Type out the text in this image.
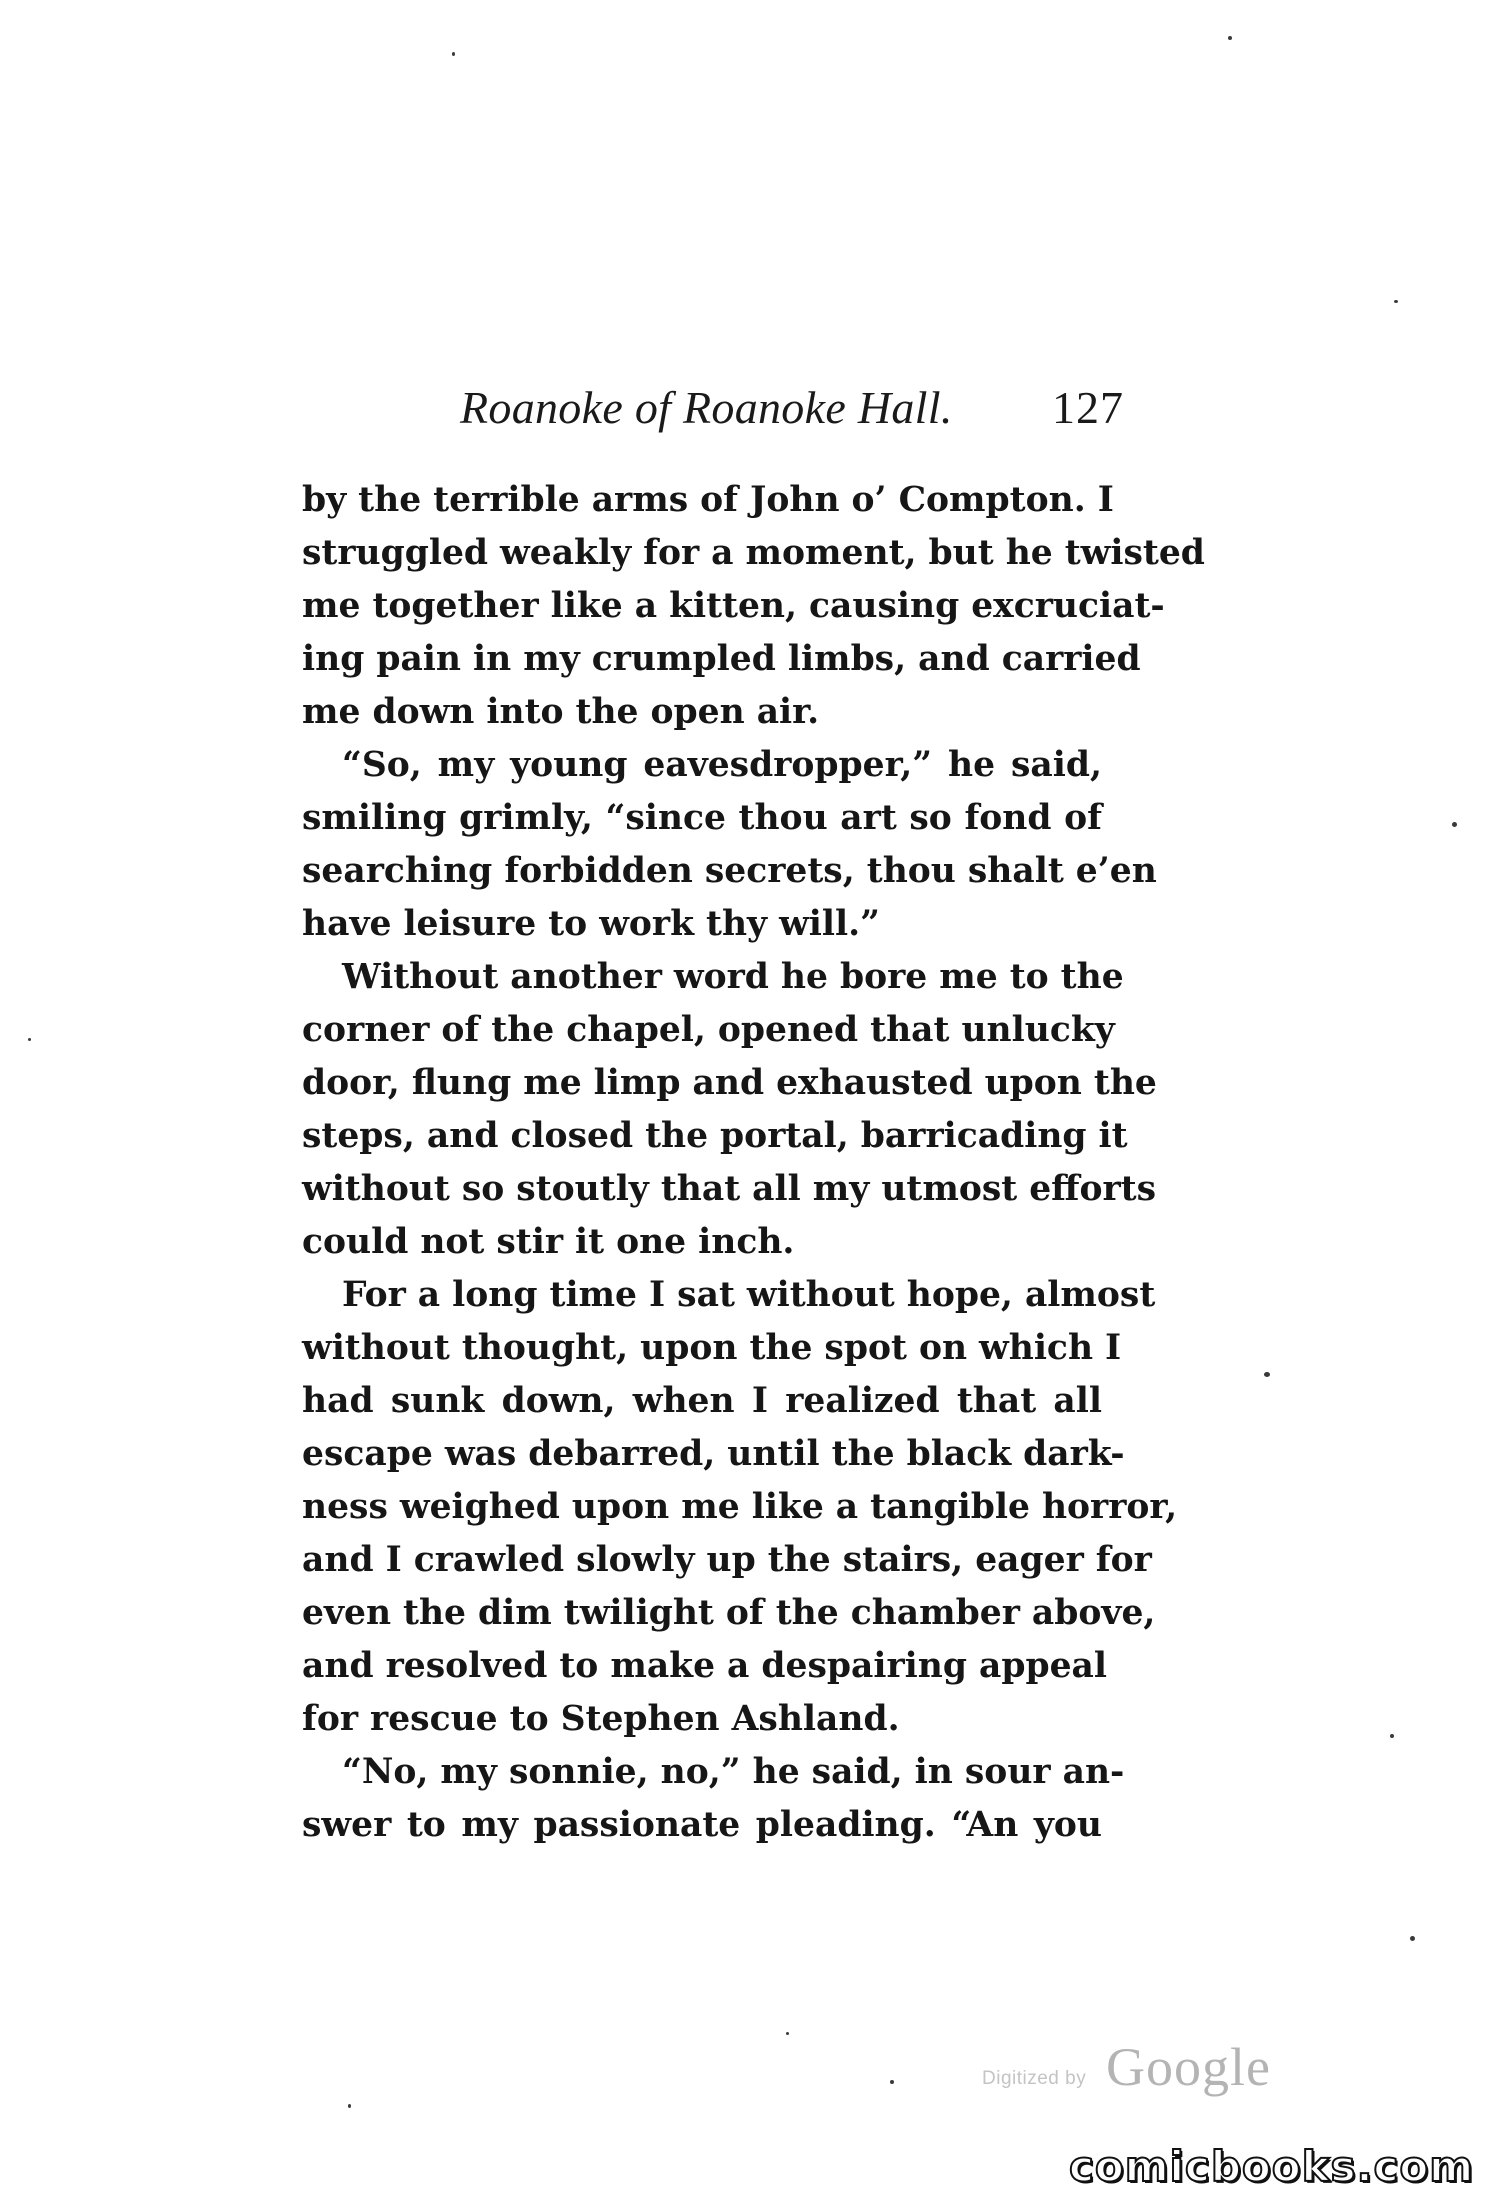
Roanoke of Roanoke Hall. 127
by the terrible arms of John o’ Compton. I
struggled weakly for a moment, but he twisted
me together like a kitten, causing excruciat-
ing pain in my crumpled limbs, and carried
me down into the open air.
“So, my young eavesdropper,” he said,
smiling grimly, “since thou art so fond of
searching forbidden secrets, thou shalt e’en
have leisure to work thy will.”
Without another word he bore me to the
corner of the chapel, opened that unlucky
door, flung me limp and exhausted upon the
steps, and closed the portal, barricading it
without so stoutly that all my utmost efforts
could not stir it one inch.
For a long time I sat without hope, almost
without thought, upon the spot on which I
had sunk down, when I realized that all
escape was debarred, until the black dark-
ness weighed upon me like a tangible horror,
and I crawled slowly up the stairs, eager for
even the dim twilight of the chamber above,
and resolved to make a despairing appeal
for rescue to Stephen Ashland.
“No, my sonnie, no,” he said, in sour an-
swer to my passionate pleading. “An you
Digitized by Google
comicbooks.com
